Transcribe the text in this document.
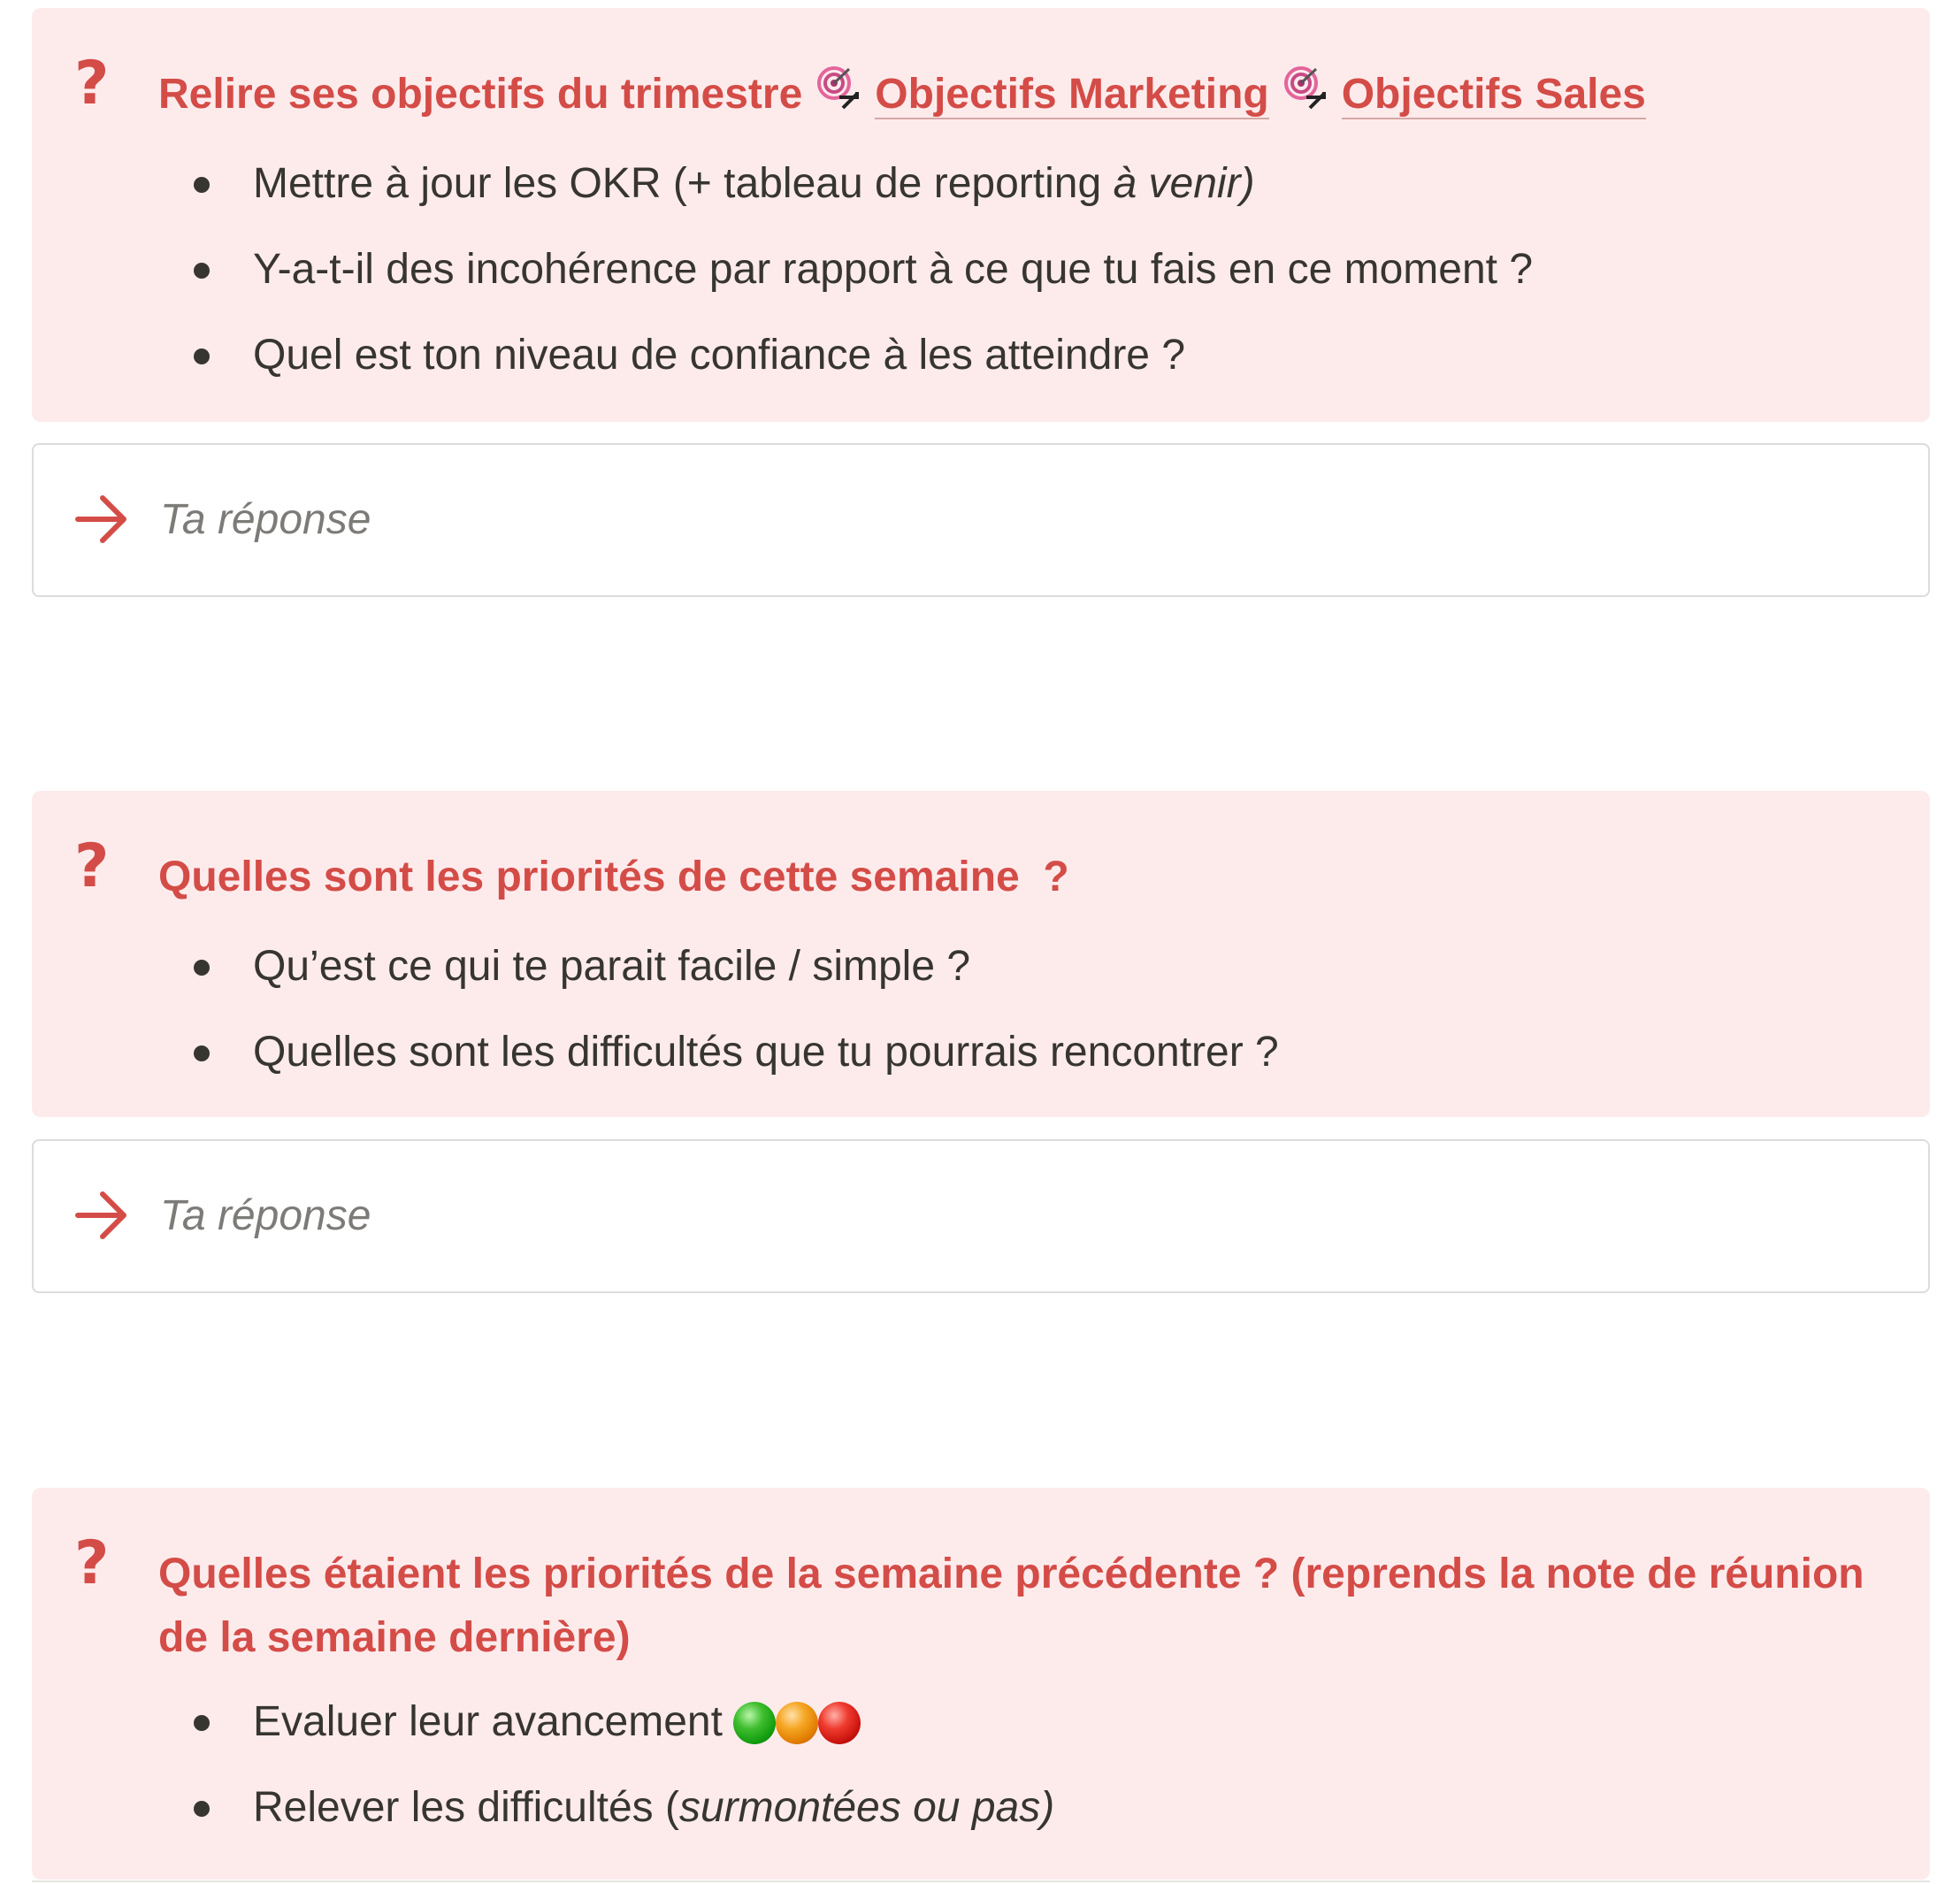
?	Relire ses objectifs du trimestre Objectifs Marketing Objectifs Sales
Mettre à jour les OKR (+ tableau de reporting à venir)
Y-a-t-il des incohérence par rapport à ce que tu fais en ce moment ?
Quel est ton niveau de confiance à les atteindre ?
Ta réponse
?	Quelles sont les priorités de cette semaine  ?
Qu’est ce qui te parait facile / simple ?
Quelles sont les difficultés que tu pourrais rencontrer ?
Ta réponse
?	Quelles étaient les priorités de la semaine précédente ? (reprends la note de réunion de la semaine dernière)
Evaluer leur avancement
Relever les difficultés (surmontées ou pas)
